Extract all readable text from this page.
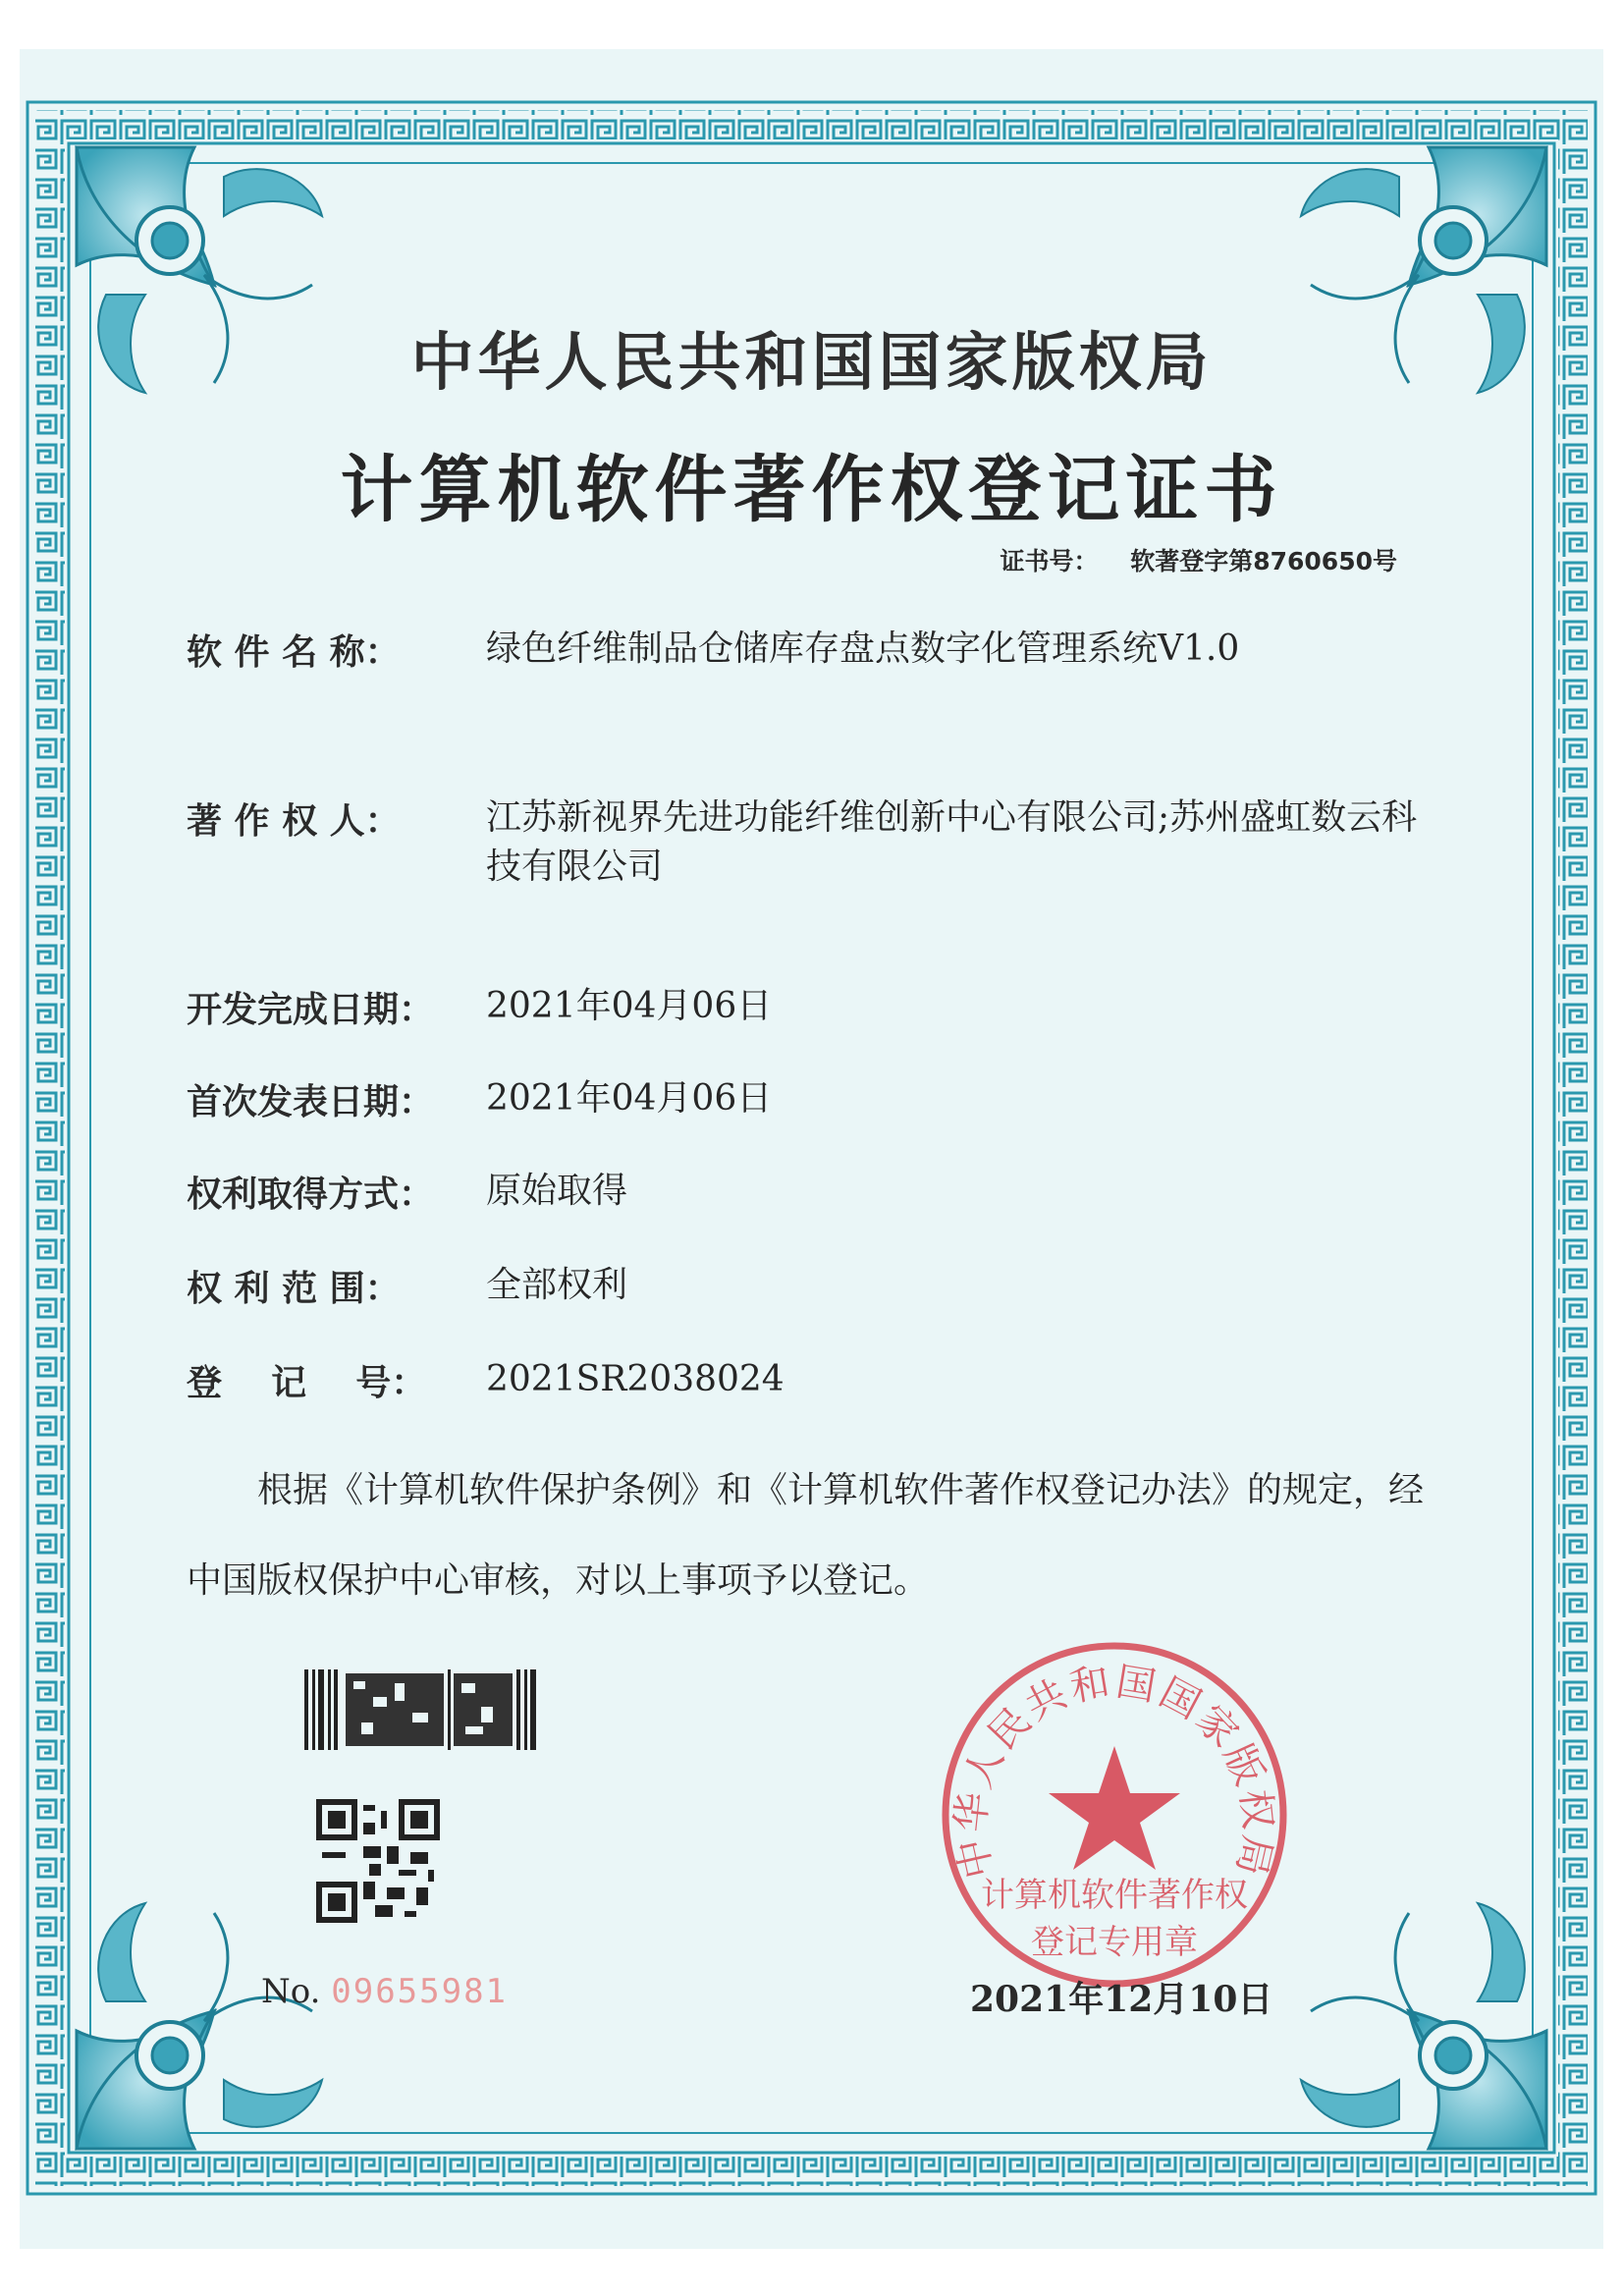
中华人民共和国国家版权局
计算机软件著作权登记证书
证书号： 软著登字第8760650号
软 件 名 称：	绿色纤维制品仓储库存盘点数字化管理系统V1.0
著 作 权 人：	江苏新视界先进功能纤维创新中心有限公司;苏州盛虹数云科技有限公司
开发完成日期：	2021年04月06日
首次发表日期：	2021年04月06日
权利取得方式：	原始取得
权 利 范 围：	全部权利
登    记    号：	2021SR2038024
根据《计算机软件保护条例》和《计算机软件著作权登记办法》的规定，经中国版权保护中心审核，对以上事项予以登记。
No. 09655981
中华人民共和国国家版权局
计算机软件著作权
登记专用章
2021年12月10日
